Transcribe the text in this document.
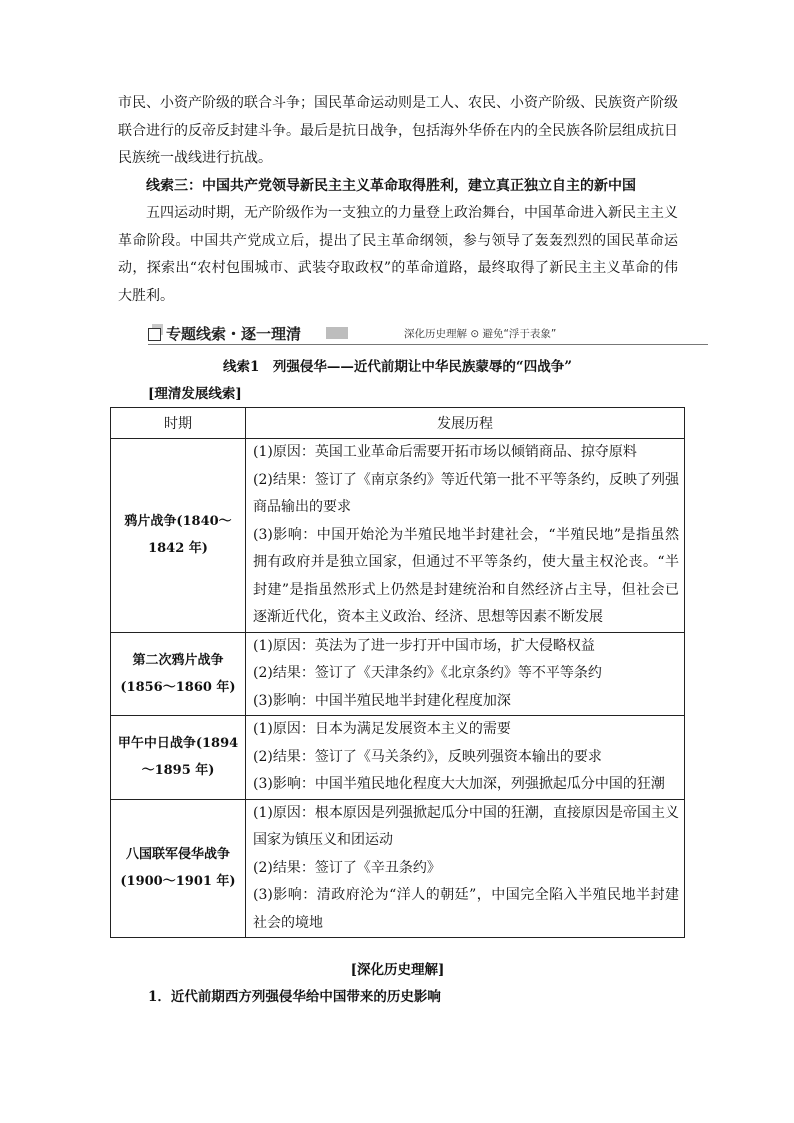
市民、小资产阶级的联合斗争；国民革命运动则是工人、农民、小资产阶级、民族资产阶级联合进行的反帝反封建斗争。最后是抗日战争，包括海外华侨在内的全民族各阶层组成抗日民族统一战线进行抗战。

线索三：中国共产党领导新民主主义革命取得胜利，建立真正独立自主的新中国

五四运动时期，无产阶级作为一支独立的力量登上政治舞台，中国革命进入新民主主义革命阶段。中国共产党成立后，提出了民主革命纲领，参与领导了轰轰烈烈的国民革命运动，探索出“农村包围城市、武装夺取政权”的革命道路，最终取得了新民主主义革命的伟大胜利。

专题线索・逐一理清	深化历史理解 ⊙ 避免“浮于表象”
线索1　列强侵华——近代前期让中华民族蒙辱的“四战争”
[理清发展线索]
时期	发展历程
鸦片战争(1840～1842 年)	(1)原因：英国工业革命后需要开拓市场以倾销商品、掠夺原料
(2)结果：签订了《南京条约》等近代第一批不平等条约，反映了列强商品输出的要求
(3)影响：中国开始沦为半殖民地半封建社会，“半殖民地”是指虽然拥有政府并是独立国家，但通过不平等条约，使大量主权沦丧。“半封建”是指虽然形式上仍然是封建统治和自然经济占主导，但社会已逐渐近代化，资本主义政治、经济、思想等因素不断发展

第二次鸦片战争(1856～1860 年)	(1)原因：英法为了进一步打开中国市场，扩大侵略权益
(2)结果：签订了《天津条约》《北京条约》等不平等条约
(3)影响：中国半殖民地半封建化程度加深

甲午中日战争(1894～1895 年)	(1)原因：日本为满足发展资本主义的需要
(2)结果：签订了《马关条约》，反映列强资本输出的要求
(3)影响：中国半殖民地化程度大大加深，列强掀起瓜分中国的狂潮

八国联军侵华战争(1900～1901 年)	(1)原因：根本原因是列强掀起瓜分中国的狂潮，直接原因是帝国主义国家为镇压义和团运动
(2)结果：签订了《辛丑条约》
(3)影响：清政府沦为“洋人的朝廷”，中国完全陷入半殖民地半封建社会的境地
[深化历史理解]
1．近代前期西方列强侵华给中国带来的历史影响
